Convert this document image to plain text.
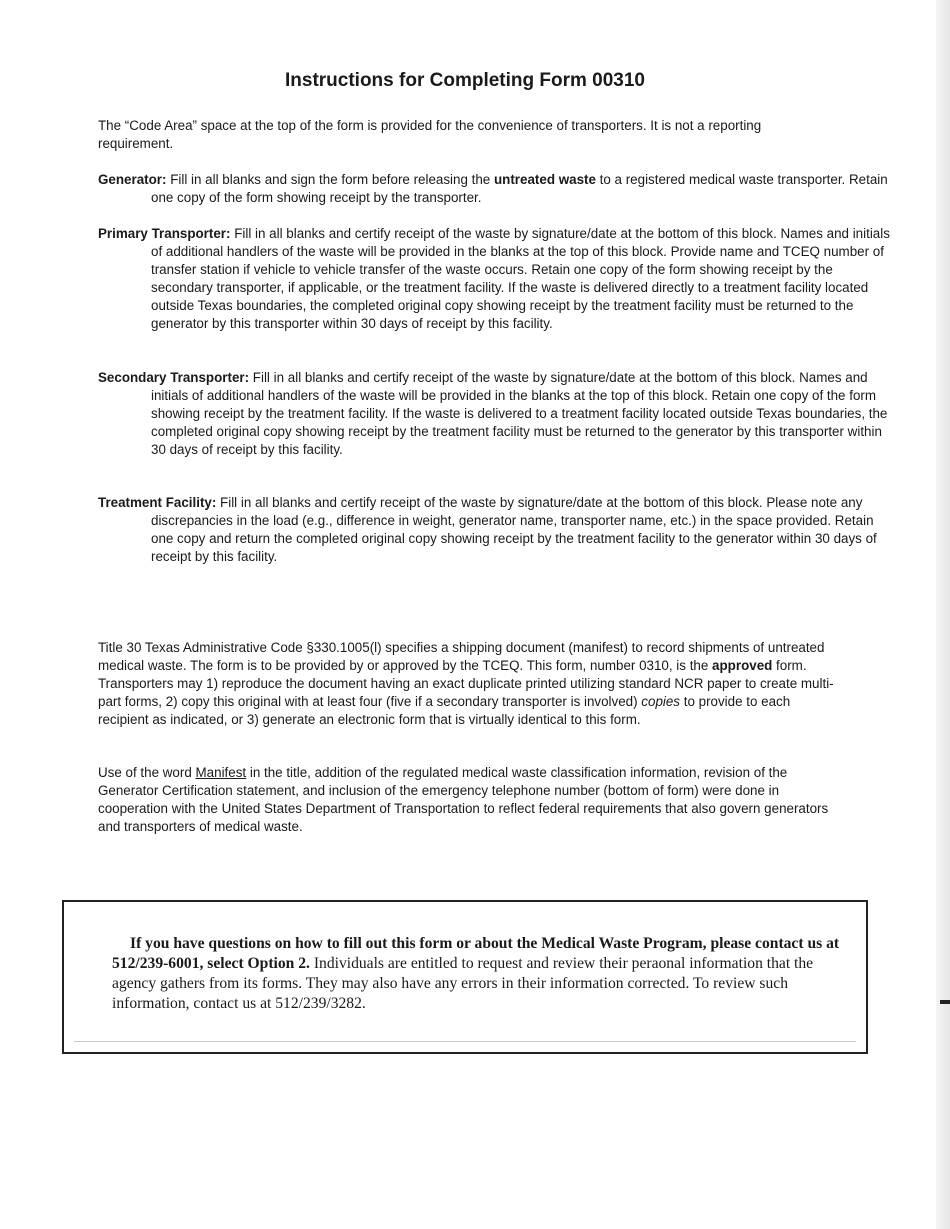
Instructions for Completing Form 00310

The “Code Area” space at the top of the form is provided for the convenience of transporters. It is not a reporting requirement.

Generator: Fill in all blanks and sign the form before releasing the untreated waste to a registered medical waste transporter. Retain one copy of the form showing receipt by the transporter.

Primary Transporter: Fill in all blanks and certify receipt of the waste by signature/date at the bottom of this block. Names and initials of additional handlers of the waste will be provided in the blanks at the top of this block. Provide name and TCEQ number of transfer station if vehicle to vehicle transfer of the waste occurs. Retain one copy of the form showing receipt by the secondary transporter, if applicable, or the treatment facility. If the waste is delivered directly to a treatment facility located outside Texas boundaries, the completed original copy showing receipt by the treatment facility must be returned to the generator by this transporter within 30 days of receipt by this facility.

Secondary Transporter: Fill in all blanks and certify receipt of the waste by signature/date at the bottom of this block. Names and initials of additional handlers of the waste will be provided in the blanks at the top of this block. Retain one copy of the form showing receipt by the treatment facility. If the waste is delivered to a treatment facility located outside Texas boundaries, the completed original copy showing receipt by the treatment facility must be returned to the generator by this transporter within 30 days of receipt by this facility.

Treatment Facility: Fill in all blanks and certify receipt of the waste by signature/date at the bottom of this block. Please note any discrepancies in the load (e.g., difference in weight, generator name, transporter name, etc.) in the space provided. Retain one copy and return the completed original copy showing receipt by the treatment facility to the generator within 30 days of receipt by this facility.

Title 30 Texas Administrative Code §330.1005(l) specifies a shipping document (manifest) to record shipments of untreated medical waste. The form is to be provided by or approved by the TCEQ. This form, number 0310, is the approved form. Transporters may 1) reproduce the document having an exact duplicate printed utilizing standard NCR paper to create multi-part forms, 2) copy this original with at least four (five if a secondary transporter is involved) copies to provide to each recipient as indicated, or 3) generate an electronic form that is virtually identical to this form.

Use of the word Manifest in the title, addition of the regulated medical waste classification information, revision of the Generator Certification statement, and inclusion of the emergency telephone number (bottom of form) were done in cooperation with the United States Department of Transportation to reflect federal requirements that also govern generators and transporters of medical waste.

If you have questions on how to fill out this form or about the Medical Waste Program, please contact us at 512/239-6001, select Option 2. Individuals are entitled to request and review their peraonal information that the agency gathers from its forms. They may also have any errors in their information corrected. To review such information, contact us at 512/239/3282.
